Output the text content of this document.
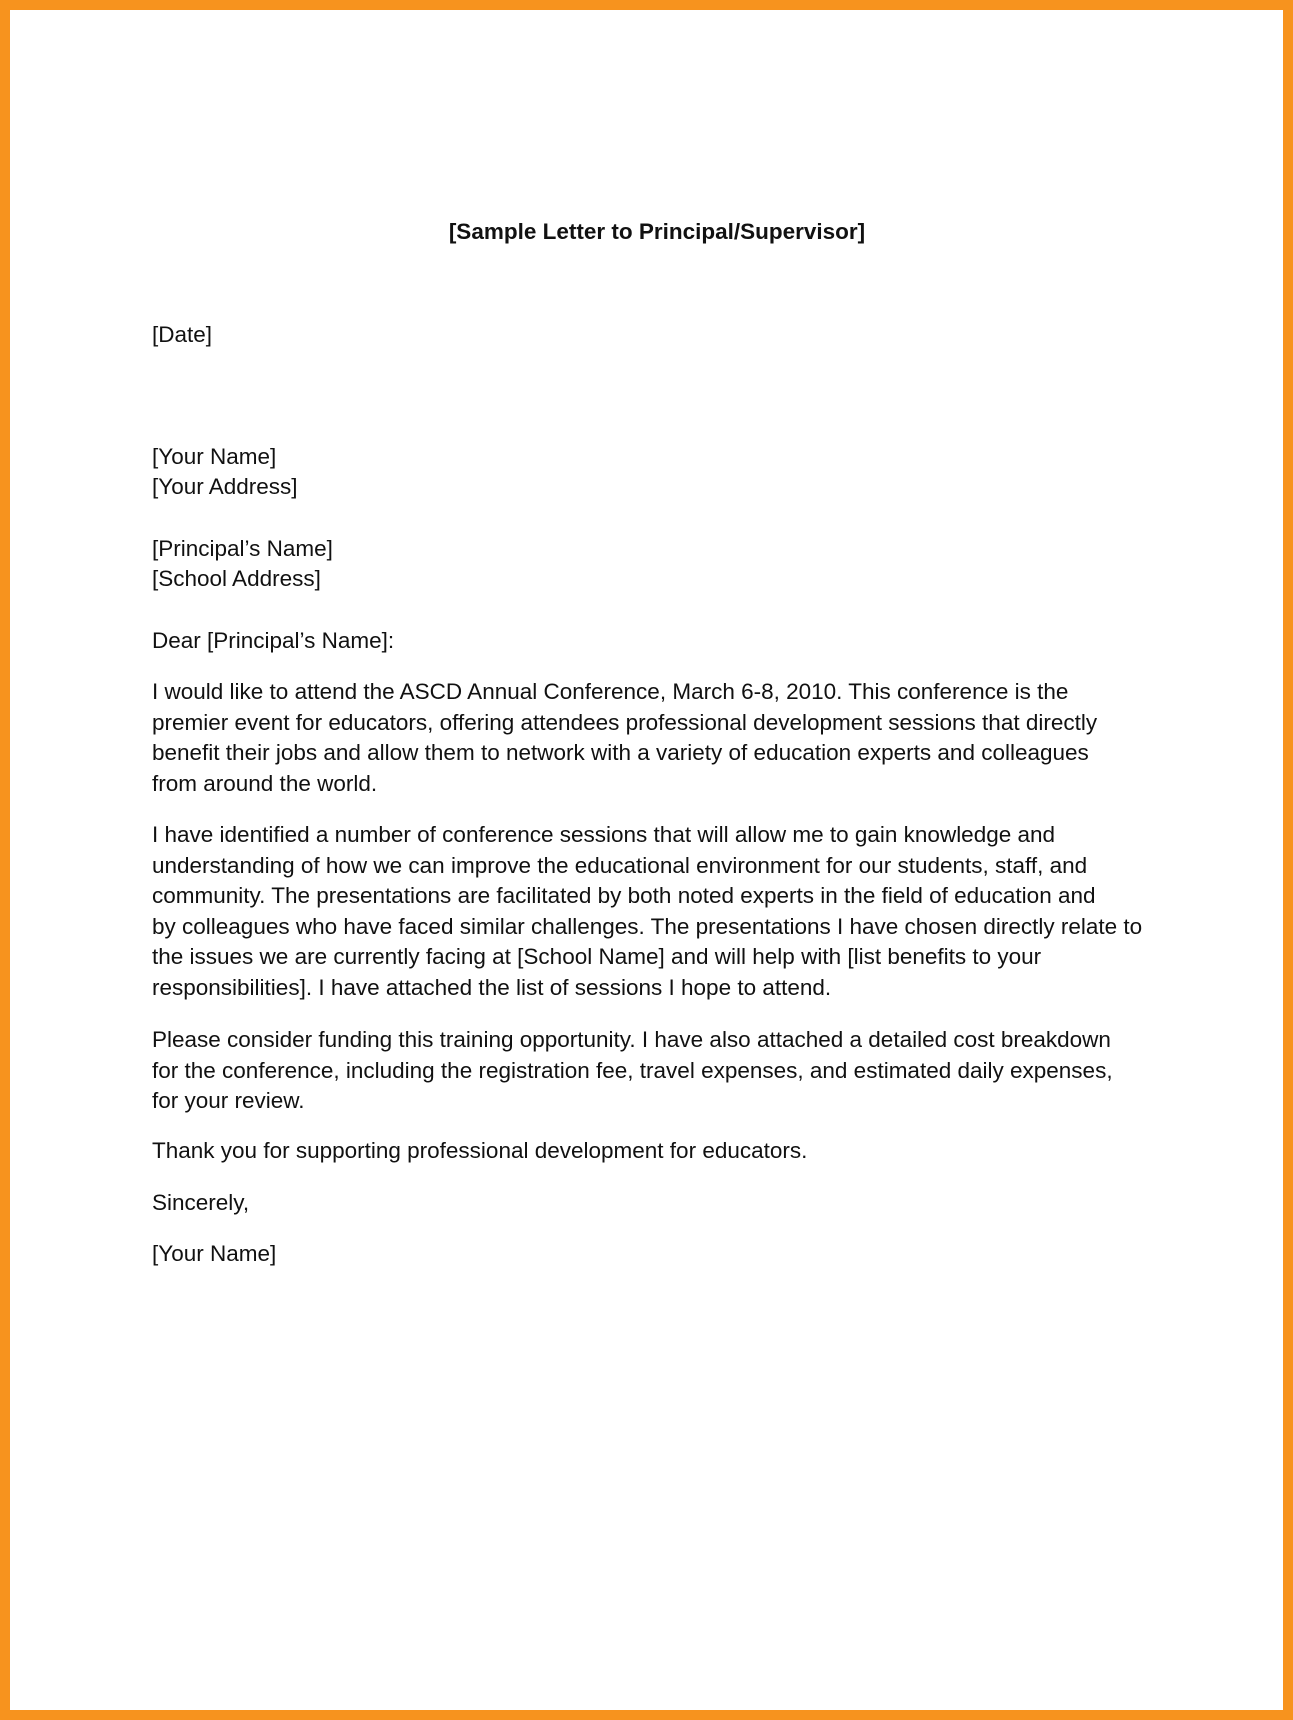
[Sample Letter to Principal/Supervisor]
[Date]
[Your Name]
[Your Address]
[Principal’s Name]
[School Address]
Dear [Principal’s Name]:
I would like to attend the ASCD Annual Conference, March 6-8, 2010. This conference is the
premier event for educators, offering attendees professional development sessions that directly
benefit their jobs and allow them to network with a variety of education experts and colleagues
from around the world.
I have identified a number of conference sessions that will allow me to gain knowledge and
understanding of how we can improve the educational environment for our students, staff, and
community. The presentations are facilitated by both noted experts in the field of education and
by colleagues who have faced similar challenges. The presentations I have chosen directly relate to
the issues we are currently facing at [School Name] and will help with [list benefits to your
responsibilities]. I have attached the list of sessions I hope to attend.
Please consider funding this training opportunity. I have also attached a detailed cost breakdown
for the conference, including the registration fee, travel expenses, and estimated daily expenses,
for your review.
Thank you for supporting professional development for educators.
Sincerely,
[Your Name]
